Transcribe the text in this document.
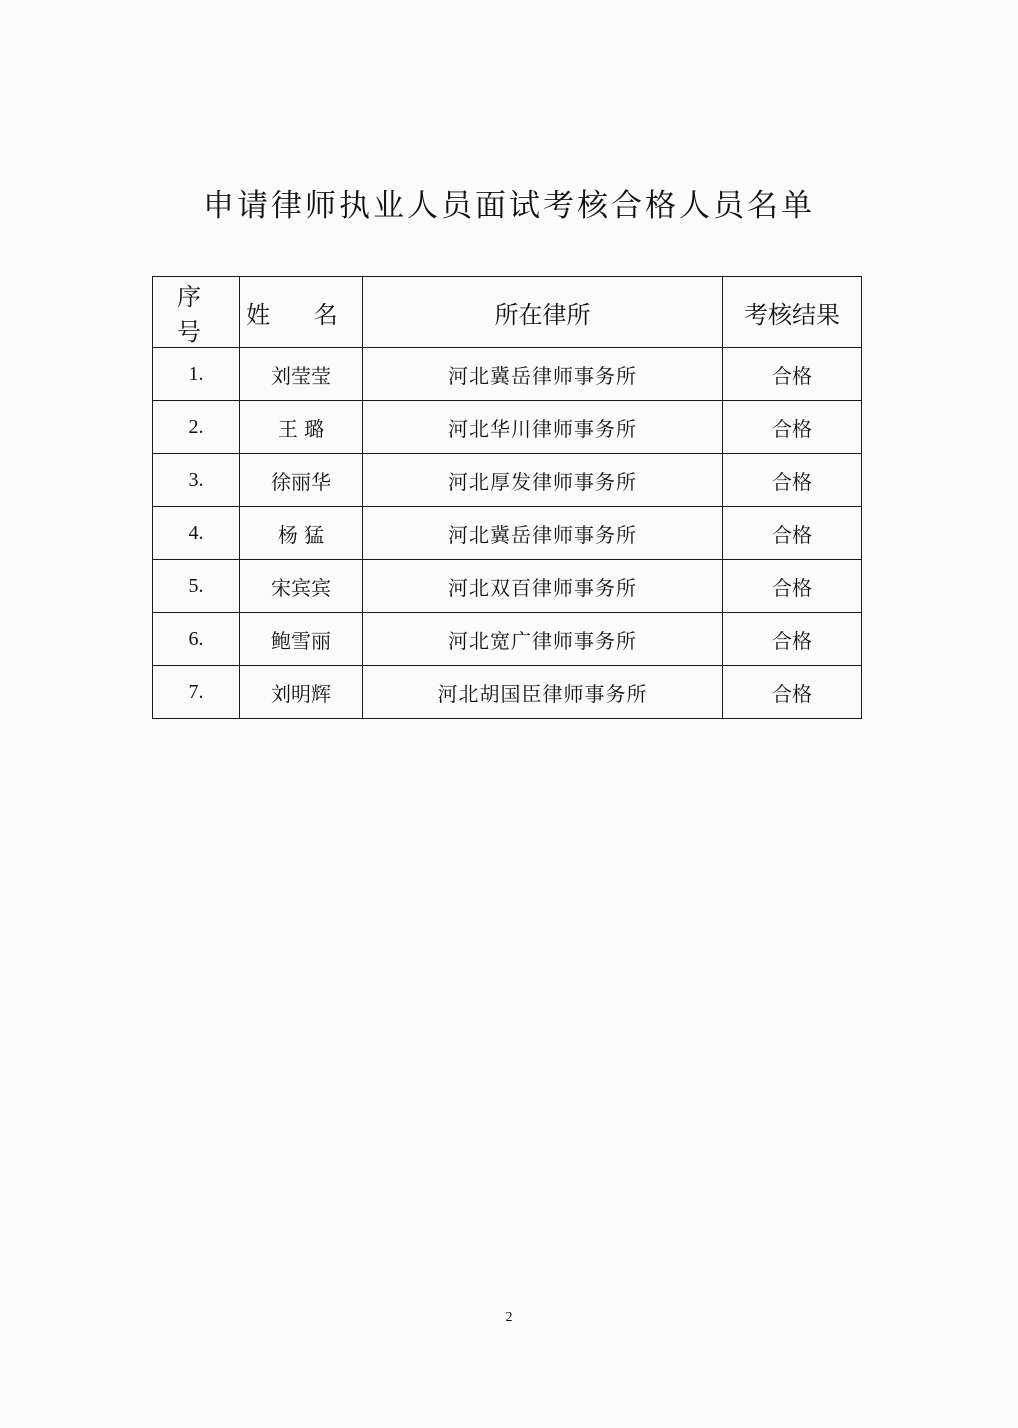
申请律师执业人员面试考核合格人员名单
序 号	姓 名	所在律所	考核结果
1.	刘莹莹	河北冀岳律师事务所	合格
2.	王 璐	河北华川律师事务所	合格
3.	徐丽华	河北厚发律师事务所	合格
4.	杨 猛	河北冀岳律师事务所	合格
5.	宋宾宾	河北双百律师事务所	合格
6.	鲍雪丽	河北宽广律师事务所	合格
7.	刘明辉	河北胡国臣律师事务所	合格
2
